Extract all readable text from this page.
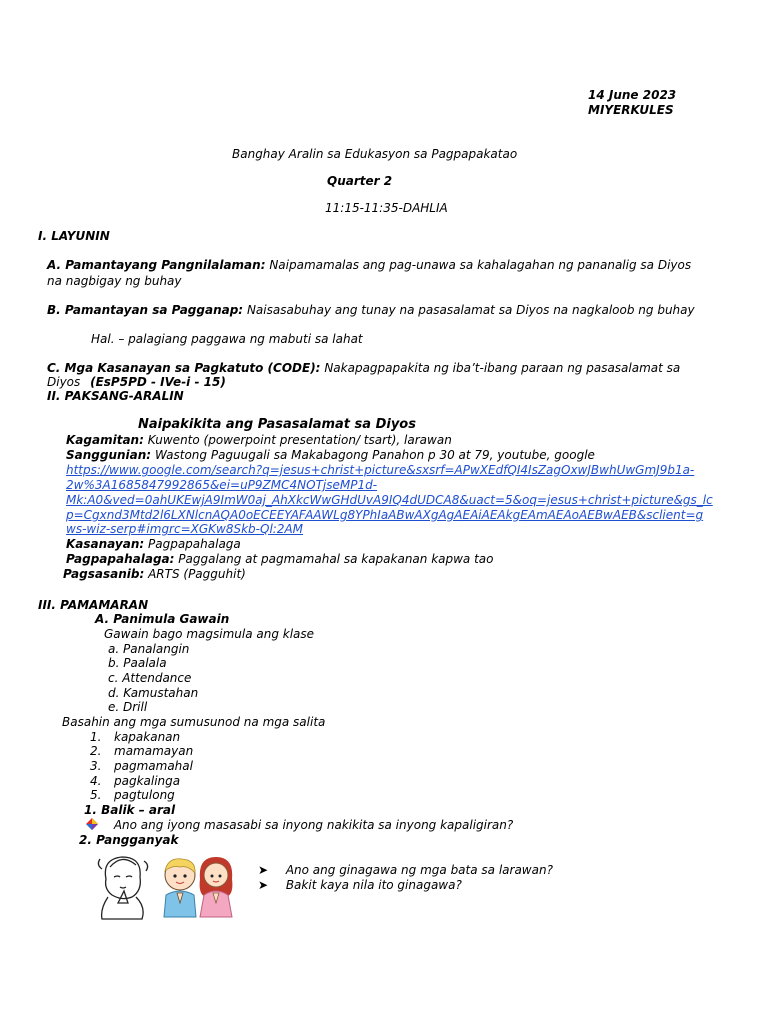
14 June 2023
MIYERKULES
Banghay Aralin sa Edukasyon sa Pagpapakatao
Quarter 2
11:15-11:35-DAHLIA
I. LAYUNIN
A. Pamantayang Pangnilalaman: Naipamamalas ang pag-unawa sa kahalagahan ng pananalig sa Diyos
na nagbigay ng buhay
B. Pamantayan sa Pagganap: Naisasabuhay ang tunay na pasasalamat sa Diyos na nagkaloob ng buhay
Hal. – palagiang paggawa ng mabuti sa lahat
C. Mga Kasanayan sa Pagkatuto (CODE): Nakapagpapakita ng iba’t-ibang paraan ng pasasalamat sa
Diyos (EsP5PD - IVe-i - 15)
II. PAKSANG-ARALIN
Naipakikita ang Pasasalamat sa Diyos
Kagamitan: Kuwento (powerpoint presentation/ tsart), larawan
Sanggunian: Wastong Paguugali sa Makabagong Panahon p 30 at 79, youtube, google
https://www.google.com/search?q=jesus+christ+picture&sxsrf=APwXEdfQI4IsZagOxwJBwhUwGmJ9b1a-
2w%3A1685847992865&ei=uP9ZMC4NOTjseMP1d-
Mk:A0&ved=0ahUKEwjA9ImW0aj_AhXkcWwGHdUvA9IQ4dUDCA8&uact=5&oq=jesus+christ+picture&gs_lc
p=Cgxnd3Mtd2l6LXNlcnAQA0oECEEYAFAAWLg8YPhIaABwAXgAgAEAiAEAkgEAmAEAoAEBwAEB&sclient=g
ws-wiz-serp#imgrc=XGKw8Skb-Ql:2AM
Kasanayan: Pagpapahalaga
Pagpapahalaga: Paggalang at pagmamahal sa kapakanan kapwa tao
Pagsasanib: ARTS (Pagguhit)
III. PAMAMARAN
A. Panimula Gawain
Gawain bago magsimula ang klase
a. Panalangin
b. Paalala
c. Attendance
d. Kamustahan
e. Drill
Basahin ang mga sumusunod na mga salita
1. kapakanan
2. mamamayan
3. pagmamahal
4. pagkalinga
5. pagtulong
1. Balik – aral
Ano ang iyong masasabi sa inyong nakikita sa inyong kapaligiran?
2. Pangganyak
➤ Ano ang ginagawa ng mga bata sa larawan?
➤ Bakit kaya nila ito ginagawa?
